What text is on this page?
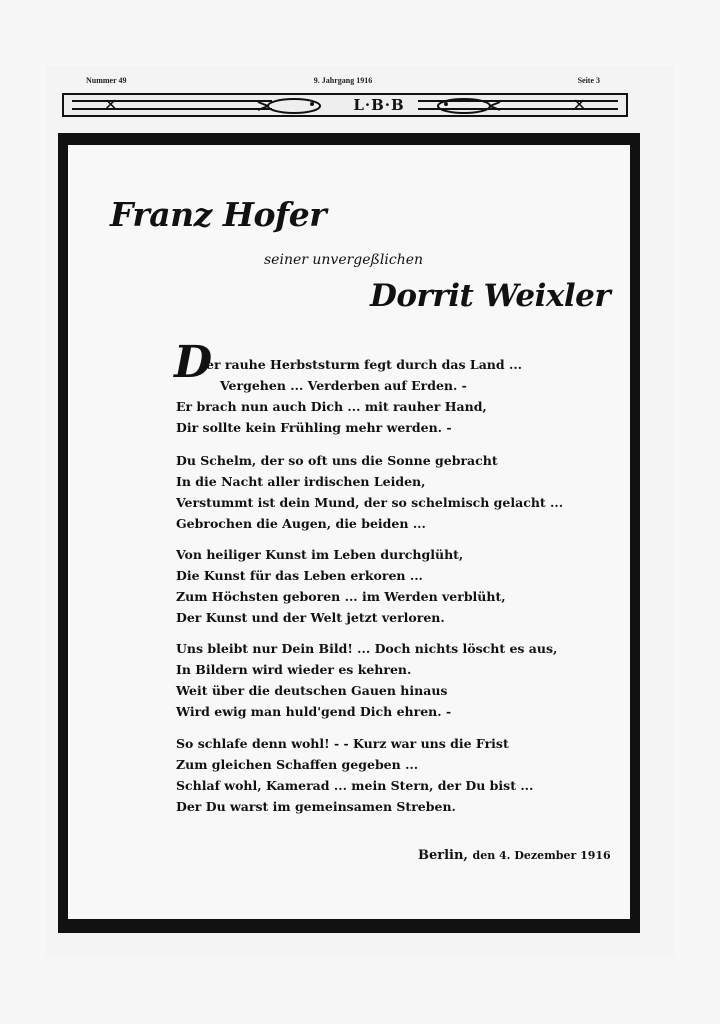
Nummer 49	9. Jahrgang 1916	Seite 3
✕	✕
L·B·B
Franz Hofer
seiner unvergeßlichen
Dorrit Weixler
D
er rauhe Herbststurm fegt durch das Land ...
Vergehen ... Verderben auf Erden. -
Er brach nun auch Dich ... mit rauher Hand,
Dir sollte kein Frühling mehr werden. -
Du Schelm, der so oft uns die Sonne gebracht
In die Nacht aller irdischen Leiden,
Verstummt ist dein Mund, der so schelmisch gelacht ...
Gebrochen die Augen, die beiden ...
Von heiliger Kunst im Leben durchglüht,
Die Kunst für das Leben erkoren ...
Zum Höchsten geboren ... im Werden verblüht,
Der Kunst und der Welt jetzt verloren.
Uns bleibt nur Dein Bild! ... Doch nichts löscht es aus,
In Bildern wird wieder es kehren.
Weit über die deutschen Gauen hinaus
Wird ewig man huld'gend Dich ehren. -
So schlafe denn wohl! - - Kurz war uns die Frist
Zum gleichen Schaffen gegeben ...
Schlaf wohl, Kamerad ... mein Stern, der Du bist ...
Der Du warst im gemeinsamen Streben.
Berlin, den 4. Dezember 1916
